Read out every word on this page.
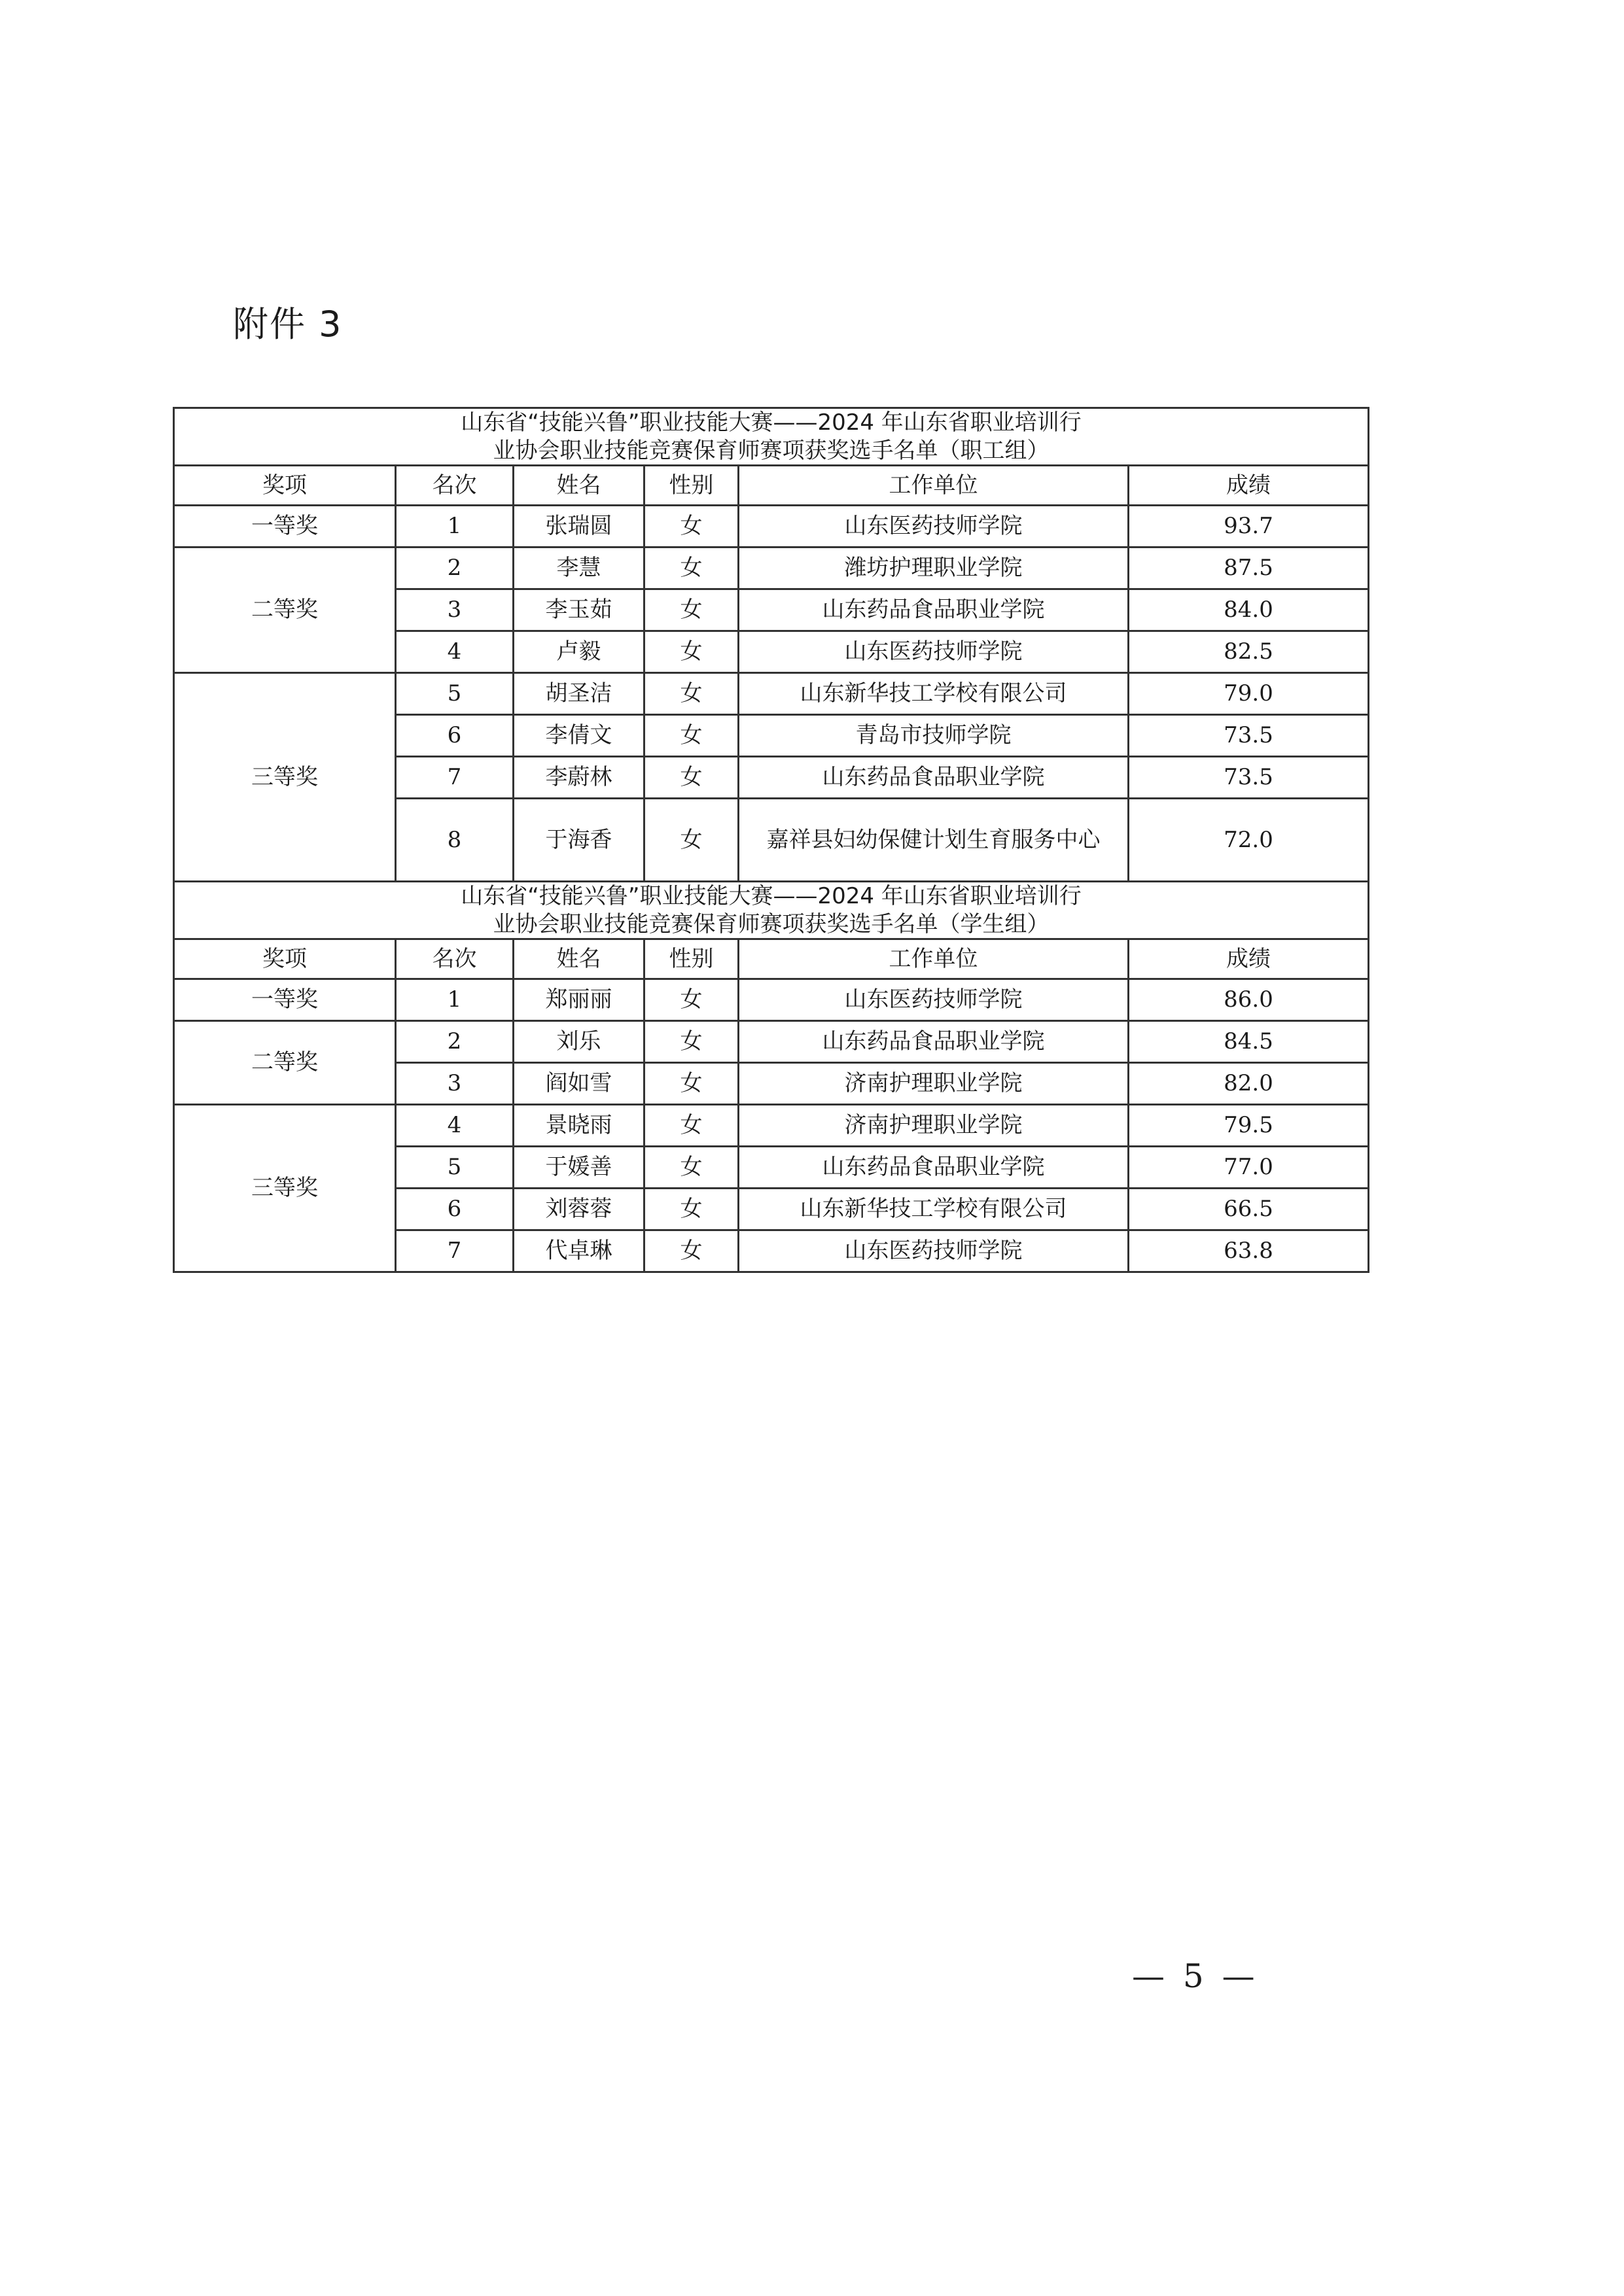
附件 3
山东省“技能兴鲁”职业技能大赛——2024 年山东省职业培训行
业协会职业技能竞赛保育师赛项获奖选手名单（职工组）					

奖项	名次	姓名	性别	工作单位	成绩
一等奖	1	张瑞圆	女	山东医药技师学院	93.7
二等奖	2	李慧	女	潍坊护理职业学院	87.5
	3	李玉茹	女	山东药品食品职业学院	84.0
	4	卢毅	女	山东医药技师学院	82.5
三等奖	5	胡圣洁	女	山东新华技工学校有限公司	79.0
	6	李倩文	女	青岛市技师学院	73.5
	7	李蔚林	女	山东药品食品职业学院	73.5
	8	于海香	女	嘉祥县妇幼保健计划生育服务中心	72.0

山东省“技能兴鲁”职业技能大赛——2024 年山东省职业培训行
业协会职业技能竞赛保育师赛项获奖选手名单（学生组）					

奖项	名次	姓名	性别	工作单位	成绩
一等奖	1	郑丽丽	女	山东医药技师学院	86.0
二等奖	2	刘乐	女	山东药品食品职业学院	84.5
	3	阎如雪	女	济南护理职业学院	82.0
三等奖	4	景晓雨	女	济南护理职业学院	79.5
	5	于媛善	女	山东药品食品职业学院	77.0
	6	刘蓉蓉	女	山东新华技工学校有限公司	66.5
	7	代卓琳	女	山东医药技师学院	63.8
— 5 —
